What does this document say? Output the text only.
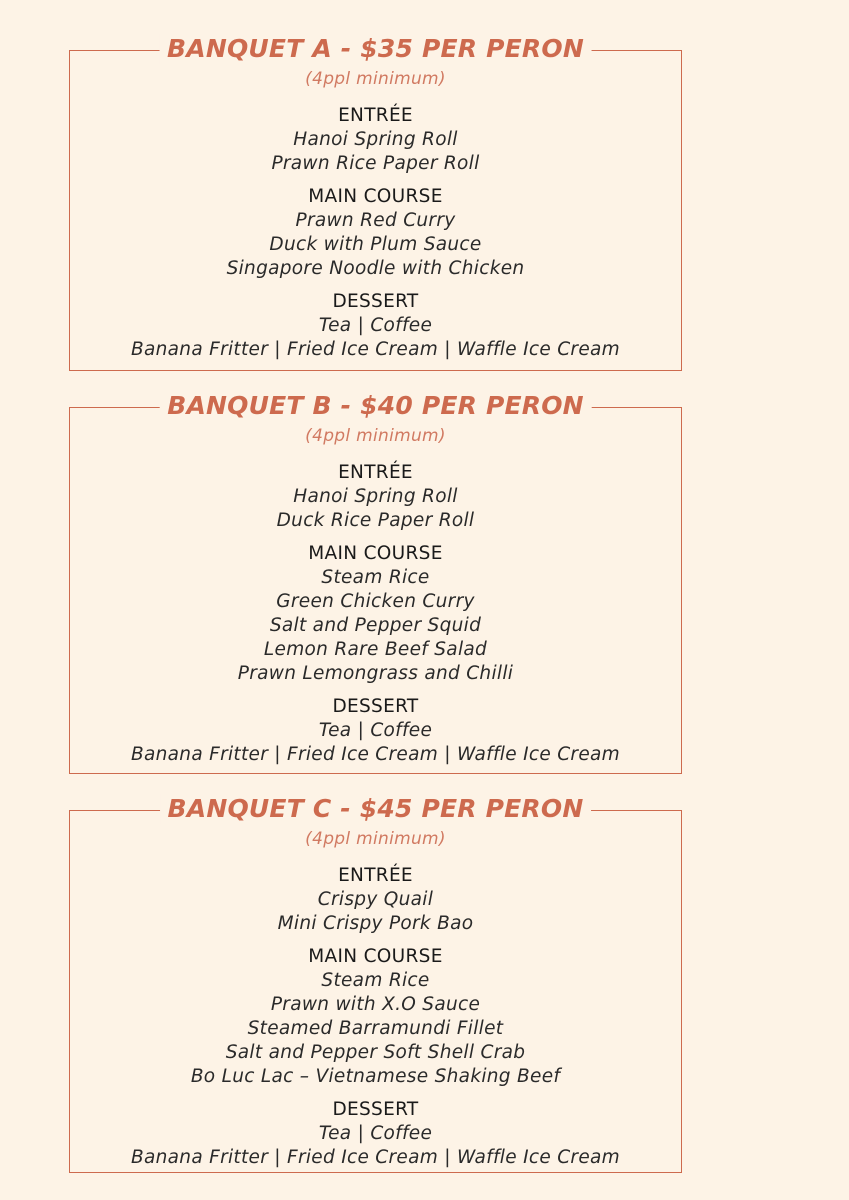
BANQUET A - $35 PER PERON
(4ppl minimum)
ENTRÉE
Hanoi Spring Roll
Prawn Rice Paper Roll
MAIN COURSE
Prawn Red Curry
Duck with Plum Sauce
Singapore Noodle with Chicken
DESSERT
Tea | Coffee
Banana Fritter | Fried Ice Cream | Waffle Ice Cream
BANQUET B - $40 PER PERON
(4ppl minimum)
ENTRÉE
Hanoi Spring Roll
Duck Rice Paper Roll
MAIN COURSE
Steam Rice
Green Chicken Curry
Salt and Pepper Squid
Lemon Rare Beef Salad
Prawn Lemongrass and Chilli
DESSERT
Tea | Coffee
Banana Fritter | Fried Ice Cream | Waffle Ice Cream
BANQUET C - $45 PER PERON
(4ppl minimum)
ENTRÉE
Crispy Quail
Mini Crispy Pork Bao
MAIN COURSE
Steam Rice
Prawn with X.O Sauce
Steamed Barramundi Fillet
Salt and Pepper Soft Shell Crab
Bo Luc Lac – Vietnamese Shaking Beef
DESSERT
Tea | Coffee
Banana Fritter | Fried Ice Cream | Waffle Ice Cream
